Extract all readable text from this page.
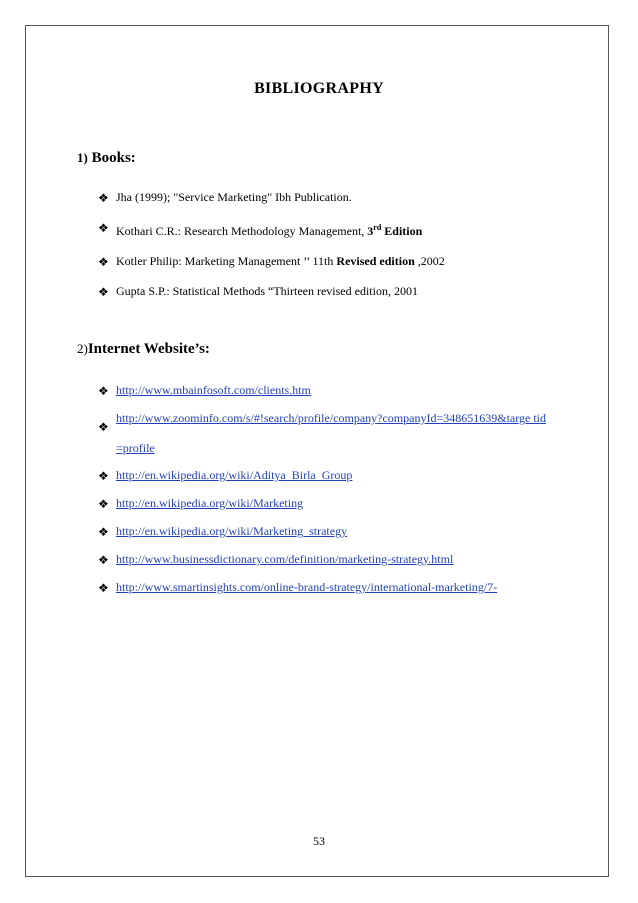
BIBLIOGRAPHY
1) Books:
❖ Jha (1999); "Service Marketing" Ibh Publication.
❖ Kothari C.R.: Research Methodology Management, 3rd Edition
❖ Kotler Philip: Marketing Management ’’ 11th Revised edition ,2002
❖ Gupta S.P.: Statistical Methods “Thirteen revised edition, 2001
2)Internet Website’s:
❖ http://www.mbainfosoft.com/clients.htm
❖
http://www.zoominfo.com/s/#!search/profile/company?companyId=348651639&targe tid=profile
❖ http://en.wikipedia.org/wiki/Aditya_Birla_Group
❖ http://en.wikipedia.org/wiki/Marketing
❖ http://en.wikipedia.org/wiki/Marketing_strategy
❖ http://www.businessdictionary.com/definition/marketing-strategy.html
❖ http://www.smartinsights.com/online-brand-strategy/international-marketing/7-
53
